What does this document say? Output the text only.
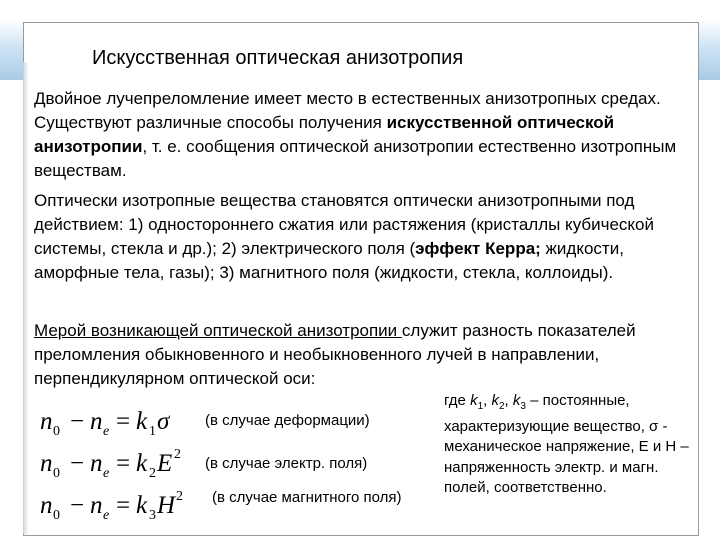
Искусственная оптическая анизотропия

Двойное лучепреломление имеет место в естественных анизотропных средах. Существуют различные способы получения искусственной оптической анизотропии, т. е. сообщения оптической анизотропии естественно изотропным веществам.

Оптически изотропные вещества становятся оптически анизотропными под действием: 1) одностороннего сжатия или растяжения (кристаллы кубической системы, стекла и др.); 2) электрического поля (эффект Керра; жидкости, аморфные тела, газы); 3) магнитного поля (жидкости, стекла, коллоиды).

Мерой возникающей оптической анизотропии служит разность показателей преломления обыкновенного и необыкновенного лучей в направлении, перпендикулярном оптической оси:

n 0 − n e = k 1 σ (в случае деформации)
n 0 − n e = k 2 E 2
(в случае электр. поля)
n 0 − n e = k 3 H 2 (в случае магнитного поля)

где $k_1$, $k_2$, $k_3$ – постоянные, характеризующие вещество, σ - механическое напряжение, Е и Н – напряженность электр. и магн. полей, соответственно.
